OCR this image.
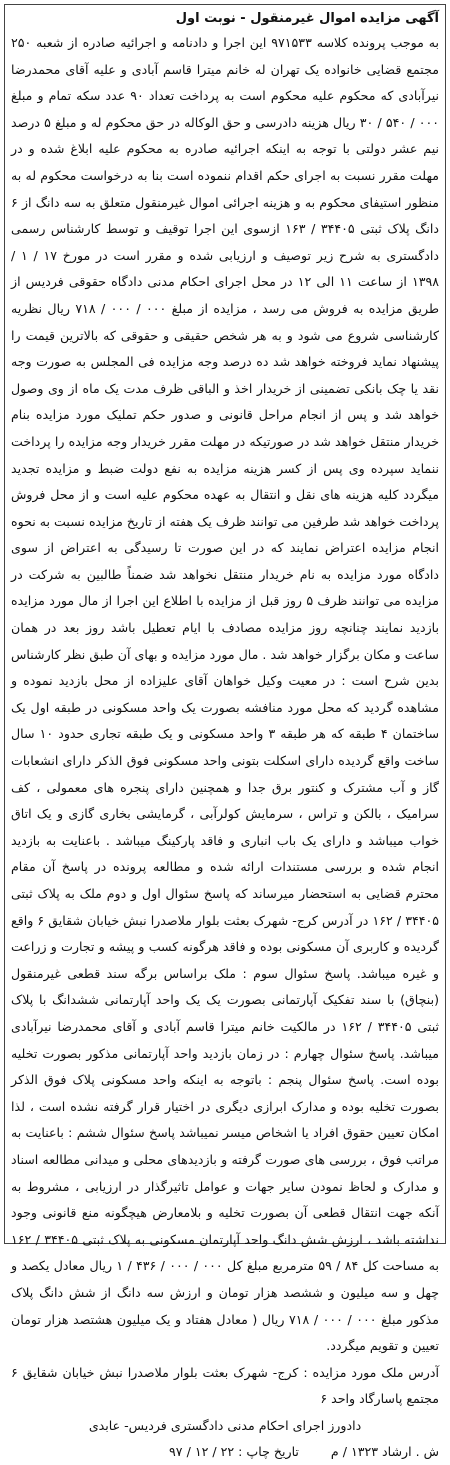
آگهی مزایده اموال غیرمنقول - نوبت اول

به موجب پرونده کلاسه ۹۷۱۵۳۳ این اجرا و دادنامه و اجرائیه صادره از شعبه ۲۵۰ مجتمع قضایی خانواده یک تهران له خانم میترا قاسم آبادی و علیه آقای محمدرضا نیرآبادی که محکوم علیه محکوم است به پرداخت تعداد ۹۰ عدد سکه تمام و مبلغ ۰۰۰ / ۵۴۰ / ۳۰ ریال هزینه دادرسی و حق الوکاله در حق محکوم له و مبلغ ۵ درصد نیم عشر دولتی با توجه به اینکه اجرائیه صادره به محکوم علیه ابلاغ شده و در مهلت مقرر نسبت به اجرای حکم اقدام ننموده است بنا به درخواست محکوم له به منظور استیفای محکوم به و هزینه اجرائی اموال غیرمنقول متعلق به سه دانگ از ۶ دانگ پلاک ثبتی ۳۴۴۰۵ / ۱۶۳ ازسوی این اجرا توقیف و توسط کارشناس رسمی دادگستری به شرح زیر توصیف و ارزیابی شده و مقرر است در مورخ ۱۷ / ۱ / ۱۳۹۸ از ساعت ۱۱ الی ۱۲ در محل اجرای احکام مدنی دادگاه حقوقی فردیس از طریق مزایده به فروش می رسد ، مزایده از مبلغ ۰۰۰ / ۰۰۰ / ۷۱۸ ریال نظریه کارشناسی شروع می شود و به هر شخص حقیقی و حقوقی که بالاترین قیمت را پیشنهاد نماید فروخته خواهد شد ده درصد وجه مزایده فی المجلس به صورت وجه نقد یا چک بانکی تضمینی از خریدار اخذ و الباقی ظرف مدت یک ماه از وی وصول خواهد شد و پس از انجام مراحل قانونی و صدور حکم تملیک مورد مزایده بنام خریدار منتقل خواهد شد در صورتیکه در مهلت مقرر خریدار وجه مزایده را پرداخت ننماید سپرده وی پس از کسر هزینه مزایده به نفع دولت ضبط و مزایده تجدید میگردد کلیه هزینه های نقل و انتقال به عهده محکوم علیه است و از محل فروش پرداخت خواهد شد طرفین می توانند ظرف یک هفته از تاریخ مزایده نسبت به نحوه انجام مزایده اعتراض نمایند که در این صورت تا رسیدگی به اعتراض از سوی دادگاه مورد مزایده به نام خریدار منتقل نخواهد شد ضمناً طالبین به شرکت در مزایده می توانند ظرف ۵ روز قبل از مزایده با اطلاع این اجرا از مال مورد مزایده بازدید نمایند چنانچه روز مزایده مصادف با ایام تعطیل باشد روز بعد در همان ساعت و مکان برگزار خواهد شد . مال مورد مزایده و بهای آن طبق نظر کارشناس بدین شرح است : در معیت وکیل خواهان آقای علیزاده از محل بازدید نموده و مشاهده گردید که محل مورد منافشه بصورت یک واحد مسکونی در طبقه اول یک ساختمان ۴ طبقه که هر طبقه ۳ واحد مسکونی و یک طبقه تجاری حدود ۱۰ سال ساخت واقع گردیده دارای اسکلت بتونی واحد مسکونی فوق الذکر دارای انشعابات گاز و آب مشترک و کنتور برق جدا و همچنین دارای پنجره های معمولی ، کف سرامیک ، بالکن و تراس ، سرمایش کولرآبی ، گرمایشی بخاری گازی و یک اتاق خواب میباشد و دارای یک باب انباری و فاقد پارکینگ میباشد . باعنایت به بازدید انجام شده و بررسی مستندات ارائه شده و مطالعه پرونده در پاسخ آن مقام محترم قضایی به استحضار میرساند که پاسخ سئوال اول و دوم ملک به پلاک ثبتی ۳۴۴۰۵ / ۱۶۲ در آدرس کرج- شهرک بعثت بلوار ملاصدرا نبش خیابان شقایق ۶ واقع گردیده و کاربری آن مسکونی بوده و فاقد هرگونه کسب و پیشه و تجارت و زراعت و غیره میباشد. پاسخ سئوال سوم : ملک براساس برگه سند قطعی غیرمنقول (بنچاق) با سند تفکیک آپارتمانی بصورت یک یک واحد آپارتمانی ششدانگ با پلاک ثبتی ۳۴۴۰۵ / ۱۶۲ در مالکیت خانم میترا قاسم آبادی و آقای محمدرضا نیرآبادی میباشد. پاسخ سئوال چهارم : در زمان بازدید واحد آپارتمانی مذکور بصورت تخلیه بوده است. پاسخ سئوال پنجم : باتوجه به اینکه واحد مسکونی پلاک فوق الذکر بصورت تخلیه بوده و مدارک ابرازی دیگری در اختیار قرار گرفته نشده است ، لذا امکان تعیین حقوق افراد یا اشخاص میسر نمیباشد پاسخ سئوال ششم : باعنایت به مراتب فوق ، بررسی های صورت گرفته و بازدیدهای محلی و میدانی مطالعه اسناد و مدارک و لحاظ نمودن سایر جهات و عوامل تاثیرگذار در ارزیابی ، مشروط به آنکه جهت انتقال قطعی آن بصورت تخلیه و بلامعارض هیچگونه منع قانونی وجود نداشته باشد ، ارزش شش دانگ واحد آپارتمان مسکونی به پلاک ثبتی ۳۴۴۰۵ / ۱۶۲ به مساحت کل ۸۴ / ۵۹ مترمربع مبلغ کل ۰۰۰ / ۰۰۰ / ۴۳۶ / ۱ ریال معادل یکصد و چهل و سه میلیون و ششصد هزار تومان و ارزش سه دانگ از شش دانگ پلاک مذکور مبلغ ۰۰۰ / ۰۰۰ / ۷۱۸ ریال ( معادل هفتاد و یک میلیون هشتصد هزار تومان تعیین و تقویم میگردد.

آدرس ملک مورد مزایده : کرج- شهرک بعثت بلوار ملاصدرا نبش خیابان شقایق ۶ مجتمع پاسارگاد واحد ۶

دادورز اجرای احکام مدنی دادگستری فردیس- عابدی

ش . ارشاد ۱۳۲۳ / متاریخ چاپ : ۲۲ / ۱۲ / ۹۷
